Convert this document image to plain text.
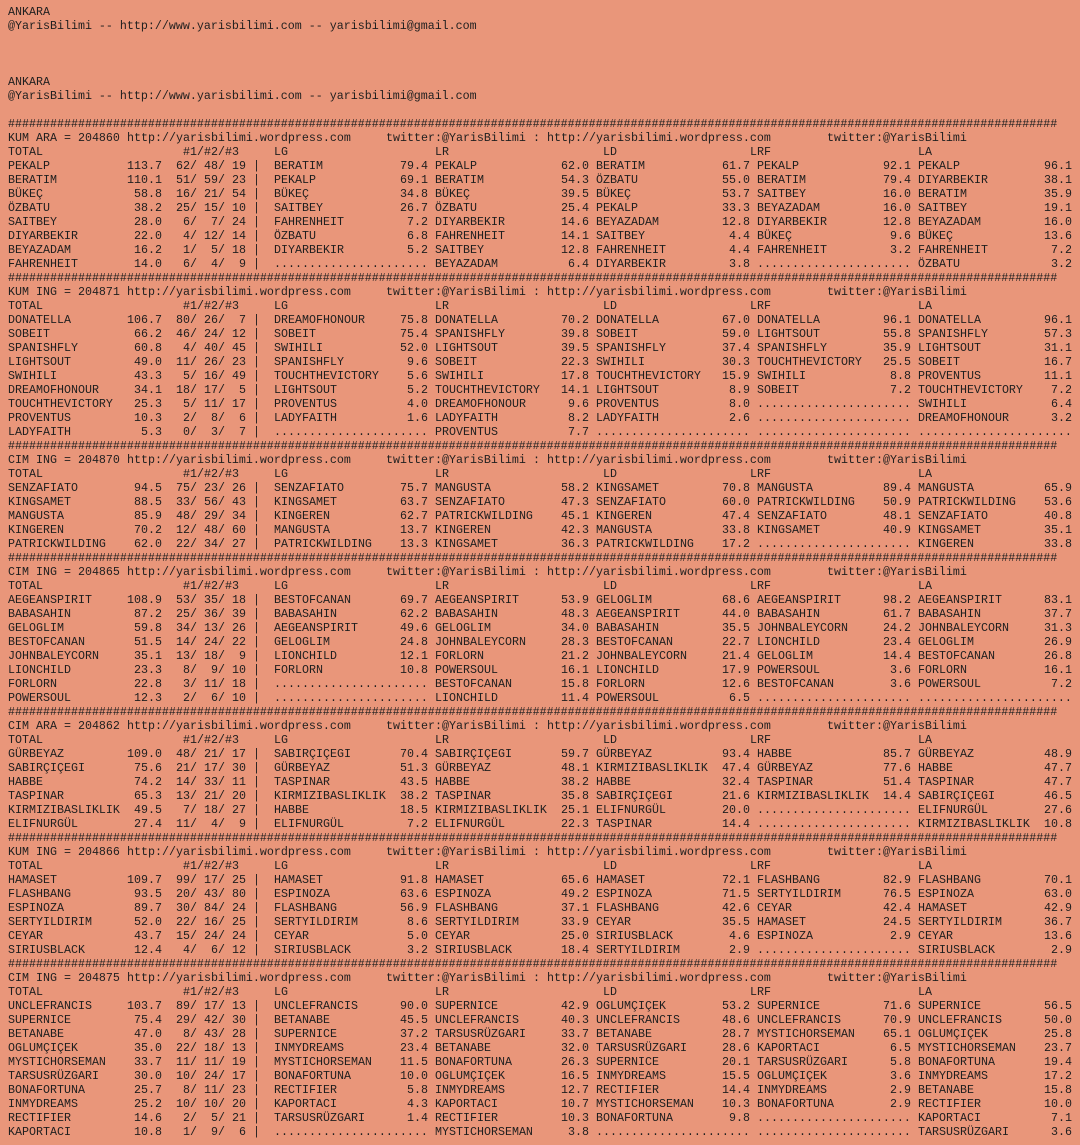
ANKARA
@YarisBilimi -- http://www.yarisbilimi.com -- yarisbilimi@gmail.com
ANKARA
@YarisBilimi -- http://www.yarisbilimi.com -- yarisbilimi@gmail.com
######################################################################################################################################################
KUM ARA = 204860 http://yarisbilimi.wordpress.com	twitter:@YarisBilimi : http://yarisbilimi.wordpress.com	twitter:@YarisBilimi
TOTAL	#1/#2/#3	LG	LR	LD	LRF	LA
PEKALP	113.7	62 / 48 / 19 | BERATIM	79.4 PEKALP	62.0 BERATIM	61.7 PEKALP	92.1 PEKALP	96.1
BERATIM	110.1	51 / 59 / 23 | PEKALP	69.1 BERATIM	54.3 ÖZBATU	55.0 BERATIM	79.4 DIYARBEKIR	38.1
BÜKEÇ	58.8	16 / 21 / 54 | BÜKEÇ	34.8 BÜKEÇ	39.5 BÜKEÇ	53.7 SAITBEY	16.0 BERATIM	35.9
ÖZBATU	38.2	25 / 15 / 10 | SAITBEY	26.7 ÖZBATU	25.4 PEKALP	33.3 BEYAZADAM	16.0 SAITBEY	19.1
SAITBEY	28.0	6 /	7 / 24 | FAHRENHEIT	7.2 DIYARBEKIR	14.6 BEYAZADAM	12.8 DIYARBEKIR	12.8 BEYAZADAM	16.0
DIYARBEKIR	22.0	4 / 12 / 14 | ÖZBATU	6.8 FAHRENHEIT	14.1 SAITBEY	4.4 BÜKEÇ	9.6 BÜKEÇ	13.6
BEYAZADAM	16.2	1 /	5 / 18 | DIYARBEKIR	5.2 SAITBEY	12.8 FAHRENHEIT	4.4 FAHRENHEIT	3.2 FAHRENHEIT	7.2
FAHRENHEIT	14.0	6 /	4 /	9 | ...................... BEYAZADAM	6.4 DIYARBEKIR	3.8 ...................... ÖZBATU	3.2
######################################################################################################################################################
KUM ING = 204871 http://yarisbilimi.wordpress.com	twitter:@YarisBilimi : http://yarisbilimi.wordpress.com	twitter:@YarisBilimi
TOTAL	#1/#2/#3	LG	LR	LD	LRF	LA
DONATELLA	106.7	80 / 26 /	7 | DREAMOFHONOUR	75.8 DONATELLA	70.2 DONATELLA	67.0 DONATELLA	96.1 DONATELLA	96.1
SOBEIT	66.2	46 / 24 / 12 | SOBEIT	75.4 SPANISHFLY	39.8 SOBEIT	59.0 LIGHTSOUT	55.8 SPANISHFLY	57.3
SPANISHFLY	60.8	4 / 40 / 45 | SWIHILI	52.0 LIGHTSOUT	39.5 SPANISHFLY	37.4 SPANISHFLY	35.9 LIGHTSOUT	31.1
LIGHTSOUT	49.0	11 / 26 / 23 | SPANISHFLY	9.6 SOBEIT	22.3 SWIHILI	30.3 TOUCHTHEVICTORY	25.5 SOBEIT	16.7
SWIHILI	43.3	5 / 16 / 49 | TOUCHTHEVICTORY	5.6 SWIHILI	17.8 TOUCHTHEVICTORY	15.9 SWIHILI	8.8 PROVENTUS	11.1
DREAMOFHONOUR	34.1	18 / 17 /	5 | LIGHTSOUT	5.2 TOUCHTHEVICTORY	14.1 LIGHTSOUT	8.9 SOBEIT	7.2 TOUCHTHEVICTORY	7.2
TOUCHTHEVICTORY	25.3	5 / 11 / 17 | PROVENTUS	4.0 DREAMOFHONOUR	9.6 PROVENTUS	8.0 ...................... SWIHILI	6.4
PROVENTUS	10.3	2 /	8 /	6 | LADYFAITH	1.6 LADYFAITH	8.2 LADYFAITH	2.6 ...................... DREAMOFHONOUR	3.2
LADYFAITH	5.3	0 /	3 /	7 | ...................... PROVENTUS	7.7 ...................... ...................... ......................
######################################################################################################################################################
CIM ING = 204870 http://yarisbilimi.wordpress.com	twitter:@YarisBilimi : http://yarisbilimi.wordpress.com	twitter:@YarisBilimi
TOTAL	#1/#2/#3	LG	LR	LD	LRF	LA
SENZAFIATO	94.5	75 / 23 / 26 | SENZAFIATO	75.7 MANGUSTA	58.2 KINGSAMET	70.8 MANGUSTA	89.4 MANGUSTA	65.9
KINGSAMET	88.5	33 / 56 / 43 | KINGSAMET	63.7 SENZAFIATO	47.3 SENZAFIATO	60.0 PATRICKWILDING	50.9 PATRICKWILDING	53.6
MANGUSTA	85.9	48 / 29 / 34 | KINGEREN	62.7 PATRICKWILDING	45.1 KINGEREN	47.4 SENZAFIATO	48.1 SENZAFIATO	40.8
KINGEREN	70.2	12 / 48 / 60 | MANGUSTA	13.7 KINGEREN	42.3 MANGUSTA	33.8 KINGSAMET	40.9 KINGSAMET	35.1
PATRICKWILDING	62.0	22 / 34 / 27 | PATRICKWILDING	13.3 KINGSAMET	36.3 PATRICKWILDING	17.2 ...................... KINGEREN	33.8
######################################################################################################################################################
CIM ING = 204865 http://yarisbilimi.wordpress.com	twitter:@YarisBilimi : http://yarisbilimi.wordpress.com	twitter:@YarisBilimi
TOTAL	#1/#2/#3	LG	LR	LD	LRF	LA
AEGEANSPIRIT	108.9	53 / 35 / 18 | BESTOFCANAN	69.7 AEGEANSPIRIT	53.9 GELOGLIM	68.6 AEGEANSPIRIT	98.2 AEGEANSPIRIT	83.1
BABASAHIN	87.2	25 / 36 / 39 | BABASAHIN	62.2 BABASAHIN	48.3 AEGEANSPIRIT	44.0 BABASAHIN	61.7 BABASAHIN	37.7
GELOGLIM	59.8	34 / 13 / 26 | AEGEANSPIRIT	49.6 GELOGLIM	34.0 BABASAHIN	35.5 JOHNBALEYCORN	24.2 JOHNBALEYCORN	31.3
BESTOFCANAN	51.5	14 / 24 / 22 | GELOGLIM	24.8 JOHNBALEYCORN	28.3 BESTOFCANAN	22.7 LIONCHILD	23.4 GELOGLIM	26.9
JOHNBALEYCORN	35.1	13 / 18 /	9 | LIONCHILD	12.1 FORLORN	21.2 JOHNBALEYCORN	21.4 GELOGLIM	14.4 BESTOFCANAN	26.8
LIONCHILD	23.3	8 /	9 / 10 | FORLORN	10.8 POWERSOUL	16.1 LIONCHILD	17.9 POWERSOUL	3.6 FORLORN	16.1
FORLORN	22.8	3 / 11 / 18 | ...................... BESTOFCANAN	15.8 FORLORN	12.6 BESTOFCANAN	3.6 POWERSOUL	7.2
POWERSOUL	12.3	2 /	6 / 10 | ...................... LIONCHILD	11.4 POWERSOUL	6.5 ...................... ......................
######################################################################################################################################################
CIM ARA = 204862 http://yarisbilimi.wordpress.com	twitter:@YarisBilimi : http://yarisbilimi.wordpress.com	twitter:@YarisBilimi
TOTAL	#1/#2/#3	LG	LR	LD	LRF	LA
GÜRBEYAZ	109.0	48 / 21 / 17 | SABIRÇIÇEGI	70.4 SABIRÇIÇEGI	59.7 GÜRBEYAZ	93.4 HABBE	85.7 GÜRBEYAZ	48.9
SABIRÇIÇEGI	75.6	21 / 17 / 30 | GÜRBEYAZ	51.3 GÜRBEYAZ	48.1 KIRMIZIBASLIKLIK	47.4 GÜRBEYAZ	77.6 HABBE	47.7
HABBE	74.2	14 / 33 / 11 | TASPINAR	43.5 HABBE	38.2 HABBE	32.4 TASPINAR	51.4 TASPINAR	47.7
TASPINAR	65.3	13 / 21 / 20 | KIRMIZIBASLIKLIK	38.2 TASPINAR	35.8 SABIRÇIÇEGI	21.6 KIRMIZIBASLIKLIK	14.4 SABIRÇIÇEGI	46.5
KIRMIZIBASLIKLIK	49.5	7 / 18 / 27 | HABBE	18.5 KIRMIZIBASLIKLIK	25.1 ELIFNURGÜL	20.0 ...................... ELIFNURGÜL	27.6
ELIFNURGÜL	27.4	11 /	4 /	9 | ELIFNURGÜL	7.2 ELIFNURGÜL	22.3 TASPINAR	14.4 ...................... KIRMIZIBASLIKLIK	10.8
######################################################################################################################################################
KUM ING = 204866 http://yarisbilimi.wordpress.com	twitter:@YarisBilimi : http://yarisbilimi.wordpress.com	twitter:@YarisBilimi
TOTAL	#1/#2/#3	LG	LR	LD	LRF	LA
HAMASET	109.7	99 / 17 / 25 | HAMASET	91.8 HAMASET	65.6 HAMASET	72.1 FLASHBANG	82.9 FLASHBANG	70.1
FLASHBANG	93.5	20 / 43 / 80 | ESPINOZA	63.6 ESPINOZA	49.2 ESPINOZA	71.5 SERTYILDIRIM	76.5 ESPINOZA	63.0
ESPINOZA	89.7	30 / 84 / 24 | FLASHBANG	56.9 FLASHBANG	37.1 FLASHBANG	42.6 CEYAR	42.4 HAMASET	42.9
SERTYILDIRIM	52.0	22 / 16 / 25 | SERTYILDIRIM	8.6 SERTYILDIRIM	33.9 CEYAR	35.5 HAMASET	24.5 SERTYILDIRIM	36.7
CEYAR	43.7	15 / 24 / 24 | CEYAR	5.0 CEYAR	25.0 SIRIUSBLACK	4.6 ESPINOZA	2.9 CEYAR	13.6
SIRIUSBLACK	12.4	4 /	6 / 12 | SIRIUSBLACK	3.2 SIRIUSBLACK	18.4 SERTYILDIRIM	2.9 ...................... SIRIUSBLACK	2.9
######################################################################################################################################################
CIM ING = 204875 http://yarisbilimi.wordpress.com	twitter:@YarisBilimi : http://yarisbilimi.wordpress.com	twitter:@YarisBilimi
TOTAL	#1/#2/#3	LG	LR	LD	LRF	LA
UNCLEFRANCIS	103.7	89 / 17 / 13 | UNCLEFRANCIS	90.0 SUPERNICE	42.9 OGLUMÇIÇEK	53.2 SUPERNICE	71.6 SUPERNICE	56.5
SUPERNICE	75.4	29 / 42 / 30 | BETANABE	45.5 UNCLEFRANCIS	40.3 UNCLEFRANCIS	48.6 UNCLEFRANCIS	70.9 UNCLEFRANCIS	50.0
BETANABE	47.0	8 / 43 / 28 | SUPERNICE	37.2 TARSUSRÜZGARI	33.7 BETANABE	28.7 MYSTICHORSEMAN	65.1 OGLUMÇIÇEK	25.8
OGLUMÇIÇEK	35.0	22 / 18 / 13 | INMYDREAMS	23.4 BETANABE	32.0 TARSUSRÜZGARI	28.6 KAPORTACI	6.5 MYSTICHORSEMAN	23.7
MYSTICHORSEMAN	33.7	11 / 11 / 19 | MYSTICHORSEMAN	11.5 BONAFORTUNA	26.3 SUPERNICE	20.1 TARSUSRÜZGARI	5.8 BONAFORTUNA	19.4
TARSUSRÜZGARI	30.0	10 / 24 / 17 | BONAFORTUNA	10.0 OGLUMÇIÇEK	16.5 INMYDREAMS	15.5 OGLUMÇIÇEK	3.6 INMYDREAMS	17.2
BONAFORTUNA	25.7	8 / 11 / 23 | RECTIFIER	5.8 INMYDREAMS	12.7 RECTIFIER	14.4 INMYDREAMS	2.9 BETANABE	15.8
INMYDREAMS	25.2	10 / 10 / 20 | KAPORTACI	4.3 KAPORTACI	10.7 MYSTICHORSEMAN	10.3 BONAFORTUNA	2.9 RECTIFIER	10.0
RECTIFIER	14.6	2 /	5 / 21 | TARSUSRÜZGARI	1.4 RECTIFIER	10.3 BONAFORTUNA	9.8 ...................... KAPORTACI	7.1
KAPORTACI	10.8	1 /	9 /	6 | ...................... MYSTICHORSEMAN	3.8 ...................... ...................... TARSUSRÜZGARI	3.6
